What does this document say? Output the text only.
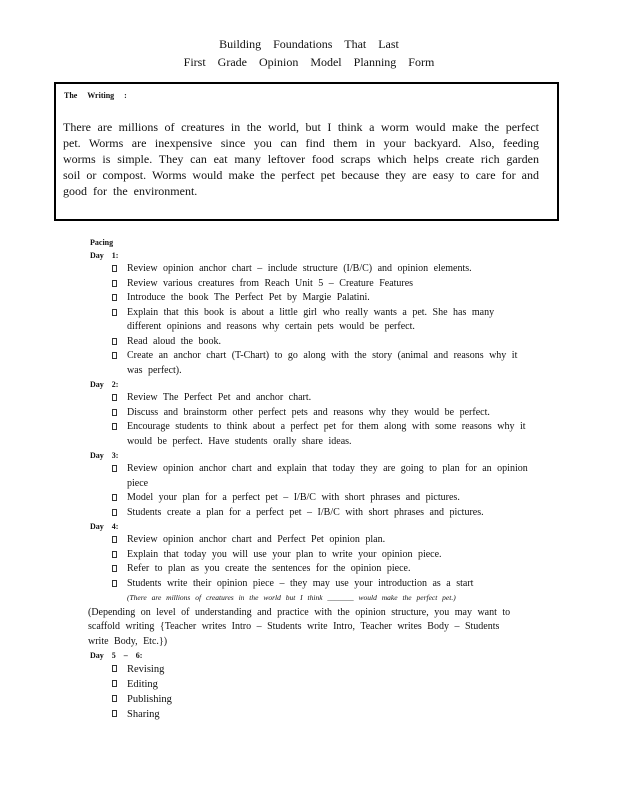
Building Foundations That Last
First Grade Opinion Model Planning Form
The Writing :
There are millions of creatures in the world, but I think a worm would make the perfect pet. Worms are inexpensive since you can find them in your backyard. Also, feeding worms is simple. They can eat many leftover food scraps which helps create rich garden soil or compost. Worms would make the perfect pet because they are easy to care for and good for the environment.
Pacing
Day 1:
Review opinion anchor chart – include structure (I/B/C) and opinion elements.
Review various creatures from Reach Unit 5 – Creature Features
Introduce the book The Perfect Pet by Margie Palatini.
Explain that this book is about a little girl who really wants a pet. She has many different opinions and reasons why certain pets would be perfect.
Read aloud the book.
Create an anchor chart (T-Chart) to go along with the story (animal and reasons why it was perfect).
Day 2:
Review The Perfect Pet and anchor chart.
Discuss and brainstorm other perfect pets and reasons why they would be perfect.
Encourage students to think about a perfect pet for them along with some reasons why it would be perfect. Have students orally share ideas.
Day 3:
Review opinion anchor chart and explain that today they are going to plan for an opinion piece
Model your plan for a perfect pet – I/B/C with short phrases and pictures.
Students create a plan for a perfect pet – I/B/C with short phrases and pictures.
Day 4:
Review opinion anchor chart and Perfect Pet opinion plan.
Explain that today you will use your plan to write your opinion piece.
Refer to plan as you create the sentences for the opinion piece.
Students write their opinion piece – they may use your introduction as a start
(There are millions of creatures in the world but I think _______ would make the perfect pet.)
(Depending on level of understanding and practice with the opinion structure, you may want to scaffold writing {Teacher writes Intro – Students write Intro, Teacher writes Body – Students write Body, Etc.})
Day 5 – 6:
Revising
Editing
Publishing
Sharing
